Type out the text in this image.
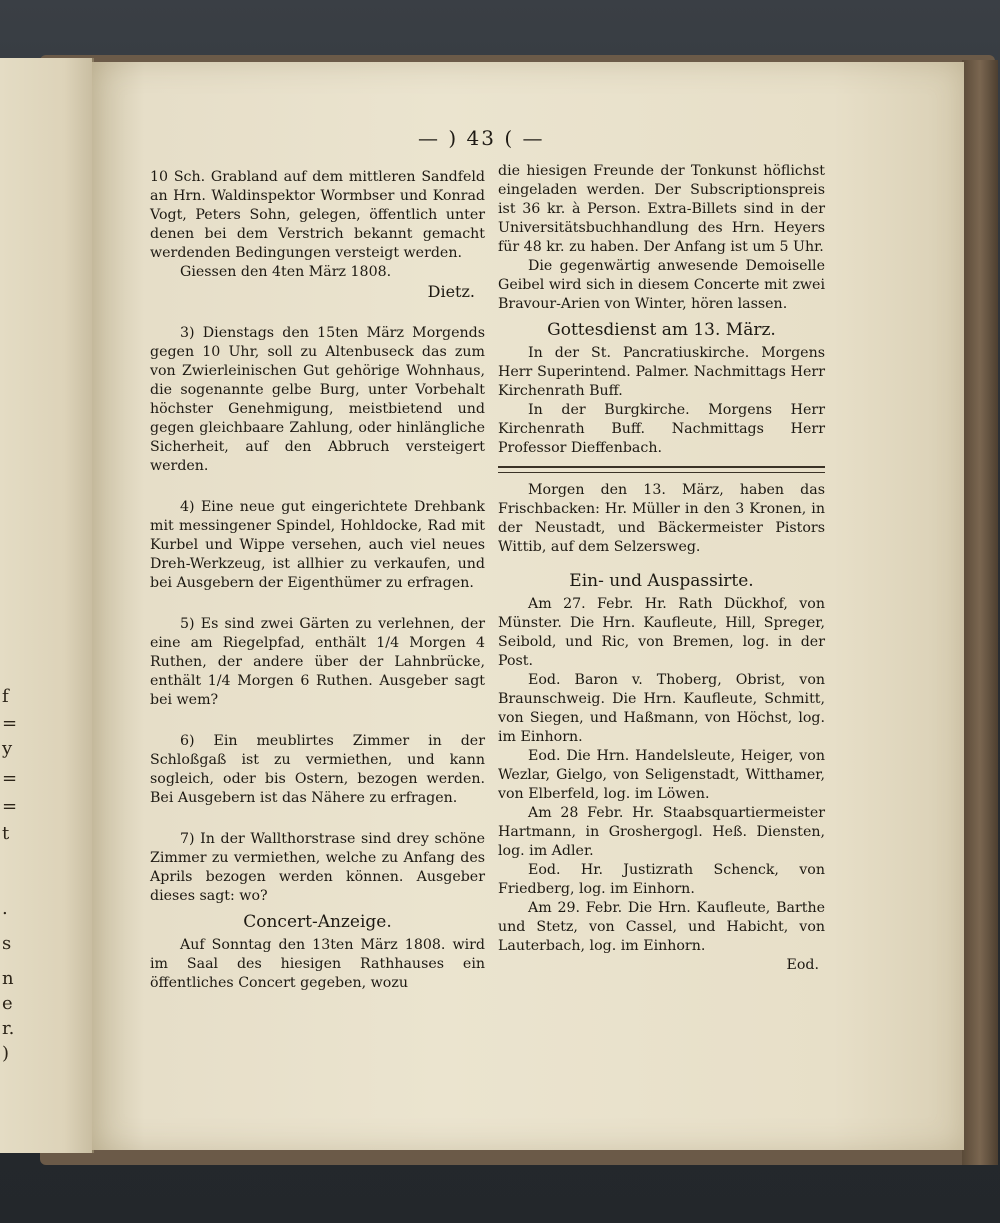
f
=
y
=
=
t
.
s
n
e
r.
)
— ) 43 ( —

10 Sch. Grabland auf dem mittleren Sandfeld an Hrn. Waldinspektor Wormbser und Konrad Vogt, Peters Sohn, gelegen, öffentlich unter denen bei dem Verstrich bekannt gemacht werdenden Bedingungen versteigt werden.

Giessen den 4ten März 1808.

Dietz.

3) Dienstags den 15ten März Morgends gegen 10 Uhr, soll zu Altenbuseck das zum von Zwierleinischen Gut gehörige Wohnhaus, die sogenannte gelbe Burg, unter Vorbehalt höchster Genehmigung, meistbietend und gegen gleichbaare Zahlung, oder hinlängliche Sicherheit, auf den Abbruch versteigert werden.

4) Eine neue gut eingerichtete Drehbank mit messingener Spindel, Hohldocke, Rad mit Kurbel und Wippe versehen, auch viel neues Dreh-Werkzeug, ist allhier zu verkaufen, und bei Ausgebern der Eigenthümer zu erfragen.

5) Es sind zwei Gärten zu verlehnen, der eine am Riegelpfad, enthält 1/4 Morgen 4 Ruthen, der andere über der Lahnbrücke, enthält 1/4 Morgen 6 Ruthen. Ausgeber sagt bei wem?

6) Ein meublirtes Zimmer in der Schloßgaß ist zu vermiethen, und kann sogleich, oder bis Ostern, bezogen werden. Bei Ausgebern ist das Nähere zu erfragen.

7) In der Wallthorstrase sind drey schöne Zimmer zu vermiethen, welche zu Anfang des Aprils bezogen werden können. Ausgeber dieses sagt: wo?

Concert-Anzeige.

Auf Sonntag den 13ten März 1808. wird im Saal des hiesigen Rathhauses ein öffentliches Concert gegeben, wozu

die hiesigen Freunde der Tonkunst höflichst eingeladen werden. Der Subscriptionspreis ist 36 kr. à Person. Extra-Billets sind in der Universitätsbuchhandlung des Hrn. Heyers für 48 kr. zu haben. Der Anfang ist um 5 Uhr.

Die gegenwärtig anwesende Demoiselle Geibel wird sich in diesem Concerte mit zwei Bravour-Arien von Winter, hören lassen.

Gottesdienst am 13. März.

In der St. Pancratiuskirche. Morgens Herr Superintend. Palmer. Nachmittags Herr Kirchenrath Buff.

In der Burgkirche. Morgens Herr Kirchenrath Buff. Nachmittags Herr Professor Dieffenbach.

Morgen den 13. März, haben das Frischbacken: Hr. Müller in den 3 Kronen, in der Neustadt, und Bäckermeister Pistors Wittib, auf dem Selzersweg.

Ein- und Auspassirte.

Am 27. Febr. Hr. Rath Dückhof, von Münster. Die Hrn. Kaufleute, Hill, Spreger, Seibold, und Ric, von Bremen, log. in der Post.

Eod. Baron v. Thoberg, Obrist, von Braunschweig. Die Hrn. Kaufleute, Schmitt, von Siegen, und Haßmann, von Höchst, log. im Einhorn.

Eod. Die Hrn. Handelsleute, Heiger, von Wezlar, Gielgo, von Seligenstadt, Witthamer, von Elberfeld, log. im Löwen.

Am 28 Febr. Hr. Staabsquartiermeister Hartmann, in Groshergogl. Heß. Diensten, log. im Adler.

Eod. Hr. Justizrath Schenck, von Friedberg, log. im Einhorn.

Am 29. Febr. Die Hrn. Kaufleute, Barthe und Stetz, von Cassel, und Habicht, von Lauterbach, log. im Einhorn.

Eod.
